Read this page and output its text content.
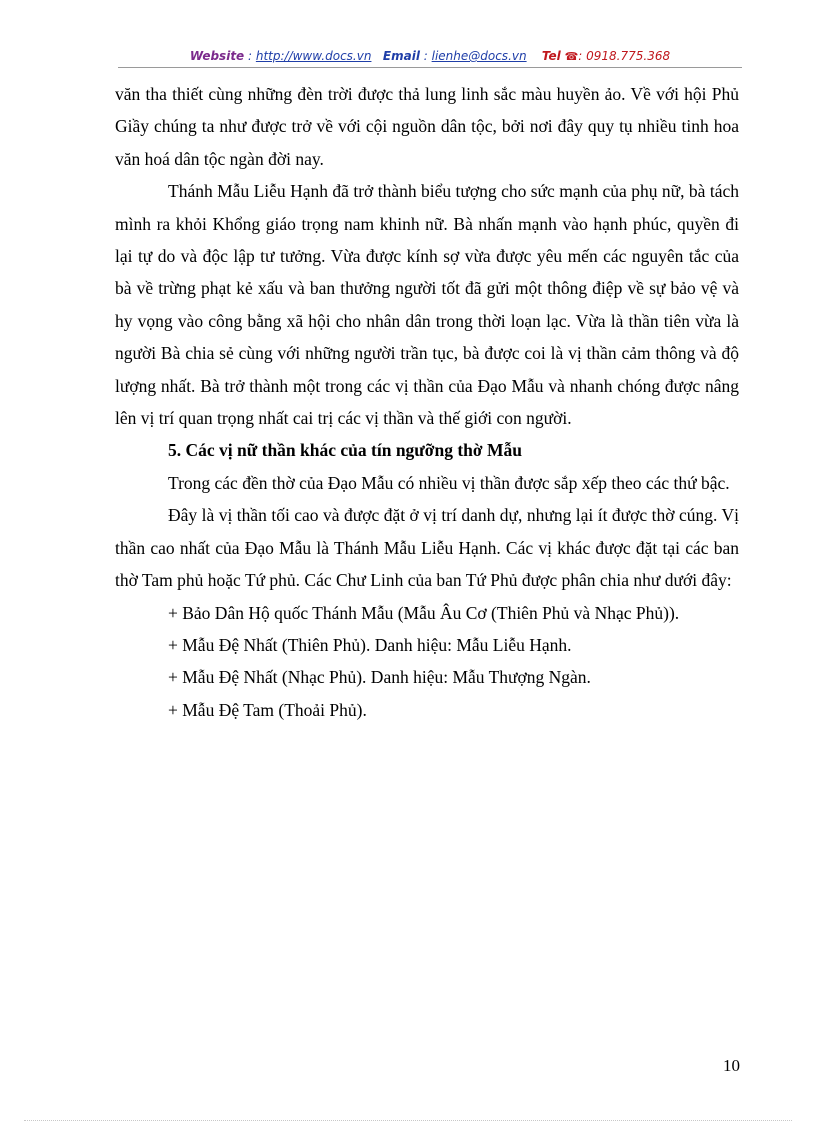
Website : http://www.docs.vn Email : lienhe@docs.vn Tel ☎: 0918.775.368

văn tha thiết cùng những đèn trời được thả lung linh sắc màu huyền ảo. Về với hội Phủ Giầy chúng ta như được trở về với cội nguồn dân tộc, bởi nơi đây quy tụ nhiều tinh hoa văn hoá dân tộc ngàn đời nay.

Thánh Mẫu Liễu Hạnh đã trở thành biểu tượng cho sức mạnh của phụ nữ, bà tách mình ra khỏi Khổng giáo trọng nam khinh nữ. Bà nhấn mạnh vào hạnh phúc, quyền đi lại tự do và độc lập tư tưởng. Vừa được kính sợ vừa được yêu mến các nguyên tắc của bà về trừng phạt kẻ xấu và ban thưởng người tốt đã gửi một thông điệp về sự bảo vệ và hy vọng vào công bằng xã hội cho nhân dân trong thời loạn lạc. Vừa là thần tiên vừa là người Bà chia sẻ cùng với những người trần tục, bà được coi là vị thần cảm thông và độ lượng nhất. Bà trở thành một trong các vị thần của Đạo Mẫu và nhanh chóng được nâng lên vị trí quan trọng nhất cai trị các vị thần và thế giới con người.

5. Các vị nữ thần khác của tín ngưỡng thờ Mẫu

Trong các đền thờ của Đạo Mẫu có nhiều vị thần được sắp xếp theo các thứ bậc.

Đây là vị thần tối cao và được đặt ở vị trí danh dự, nhưng lại ít được thờ cúng. Vị thần cao nhất của Đạo Mẫu là Thánh Mẫu Liễu Hạnh. Các vị khác được đặt tại các ban thờ Tam phủ hoặc Tứ phủ. Các Chư Linh của ban Tứ Phủ được phân chia như dưới đây:

+ Bảo Dân Hộ quốc Thánh Mẫu (Mẫu Âu Cơ (Thiên Phủ và Nhạc Phủ)).
+ Mẫu Đệ Nhất (Thiên Phủ). Danh hiệu: Mẫu Liễu Hạnh.
+ Mẫu Đệ Nhất (Nhạc Phủ). Danh hiệu: Mẫu Thượng Ngàn.
+ Mẫu Đệ Tam (Thoải Phủ).
10
